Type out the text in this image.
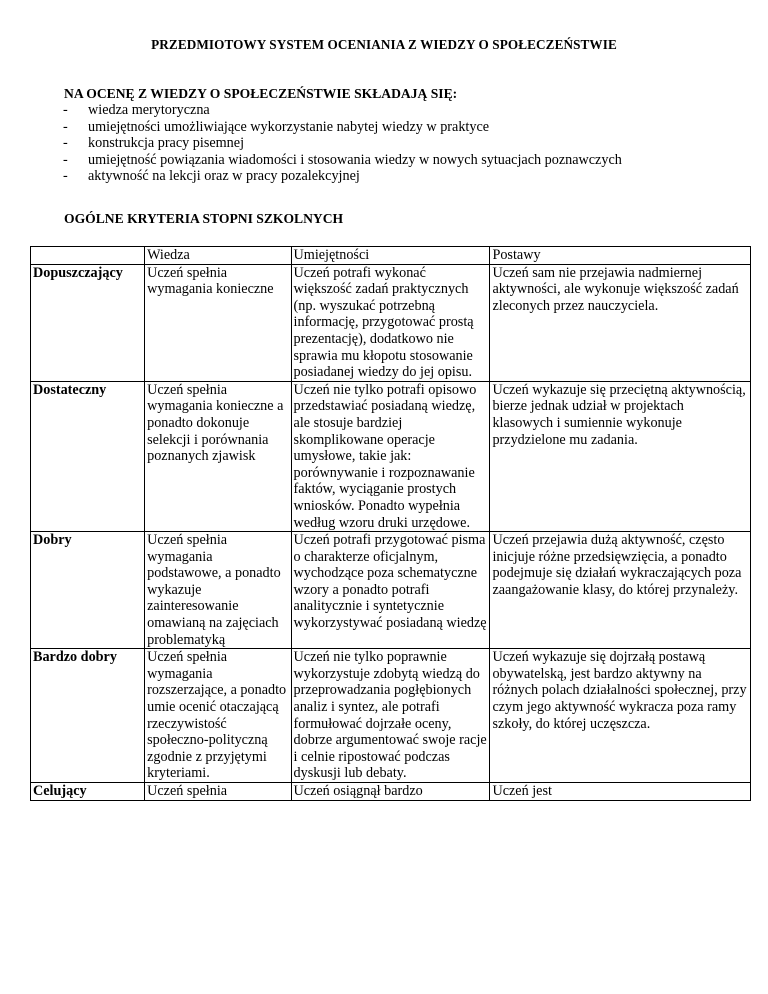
PRZEDMIOTOWY SYSTEM OCENIANIA Z WIEDZY O SPOŁECZEŃSTWIE
NA OCENĘ Z WIEDZY O SPOŁECZEŃSTWIE SKŁADAJĄ SIĘ:
- wiedza merytoryczna
- umiejętności umożliwiające wykorzystanie nabytej wiedzy w praktyce
- konstrukcja pracy pisemnej
- umiejętność powiązania wiadomości i stosowania wiedzy w nowych sytuacjach poznawczych
- aktywność na lekcji oraz w pracy pozalekcyjnej
OGÓLNE KRYTERIA STOPNI SZKOLNYCH
	Wiedza	Umiejętności	Postawy
Dopuszczający	Uczeń spełnia wymagania konieczne	Uczeń potrafi wykonać większość zadań praktycznych (np. wyszukać potrzebną informację, przygotować prostą prezentację), dodatkowo nie sprawia mu kłopotu stosowanie posiadanej wiedzy do jej opisu.	Uczeń sam nie przejawia nadmiernej aktywności, ale wykonuje większość zadań zleconych przez nauczyciela.
Dostateczny	Uczeń spełnia wymagania konieczne a ponadto dokonuje selekcji i porównania poznanych zjawisk	Uczeń nie tylko potrafi opisowo przedstawiać posiadaną wiedzę, ale stosuje bardziej skomplikowane operacje umysłowe, takie jak: porównywanie i rozpoznawanie faktów, wyciąganie prostych wniosków. Ponadto wypełnia według wzoru druki urzędowe.	Uczeń wykazuje się przeciętną aktywnością, bierze jednak udział w projektach klasowych i sumiennie wykonuje przydzielone mu zadania.
Dobry	Uczeń spełnia wymagania podstawowe, a ponadto wykazuje zainteresowanie omawianą na zajęciach problematyką	Uczeń potrafi przygotować pisma o charakterze oficjalnym, wychodzące poza schematyczne wzory a ponadto potrafi analitycznie i syntetycznie wykorzystywać posiadaną wiedzę	Uczeń przejawia dużą aktywność, często inicjuje różne przedsięwzięcia, a ponadto podejmuje się działań wykraczających poza zaangażowanie klasy, do której przynależy.
Bardzo dobry	Uczeń spełnia wymagania rozszerzające, a ponadto umie ocenić otaczającą rzeczywistość społeczno-polityczną zgodnie z przyjętymi kryteriami.	Uczeń nie tylko poprawnie wykorzystuje zdobytą wiedzą do przeprowadzania pogłębionych analiz i syntez, ale potrafi formułować dojrzałe oceny, dobrze argumentować swoje racje i celnie ripostować podczas dyskusji lub debaty.	Uczeń wykazuje się dojrzałą postawą obywatelską, jest bardzo aktywny na różnych polach działalności społecznej, przy czym jego aktywność wykracza poza ramy szkoły, do której uczęszcza.
Celujący	Uczeń spełnia	Uczeń osiągnął bardzo	Uczeń jest
